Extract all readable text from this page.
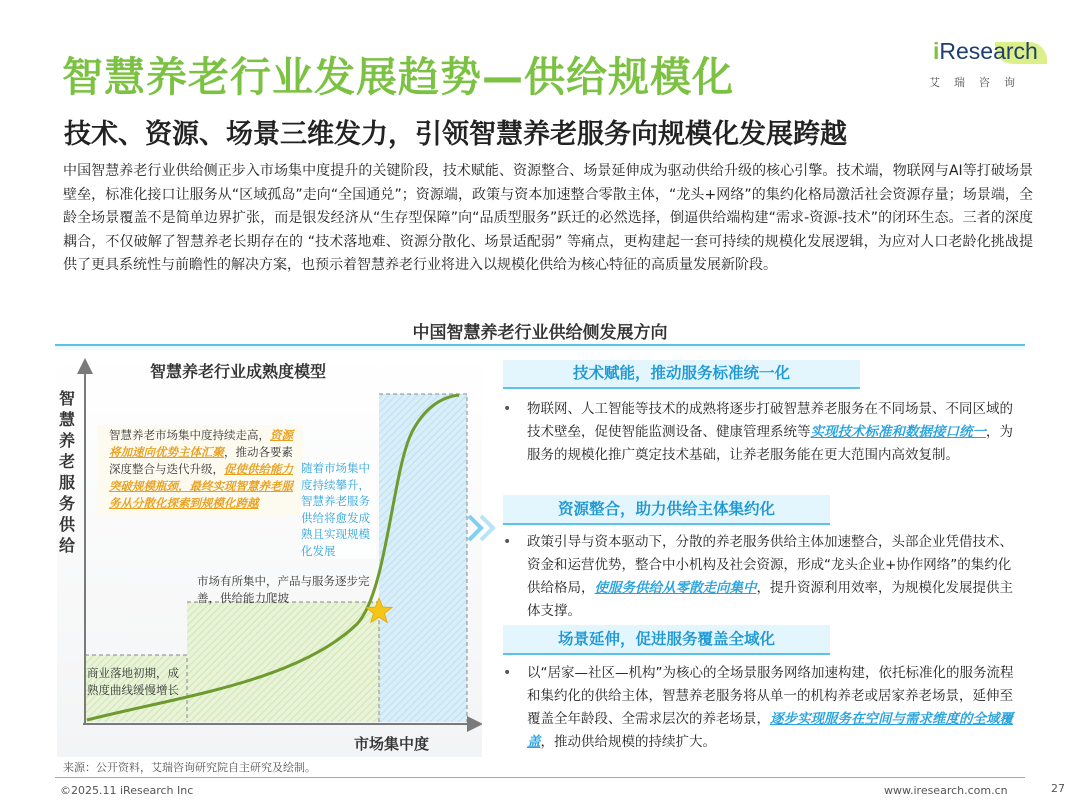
智慧养老行业发展趋势—供给规模化
iResearch
艾瑞咨询
技术、资源、场景三维发力，引领智慧养老服务向规模化发展跨越
中国智慧养老行业供给侧正步入市场集中度提升的关键阶段，技术赋能、资源整合、场景延伸成为驱动供给升级的核心引擎。技术端，物联网与AI等打破场景壁垒，标准化接口让服务从“区域孤岛”走向“全国通兑”；资源端，政策与资本加速整合零散主体，“龙头+网络”的集约化格局激活社会资源存量；场景端，全龄全场景覆盖不是简单边界扩张，而是银发经济从“生存型保障”向“品质型服务”跃迁的必然选择，倒逼供给端构建“需求-资源-技术”的闭环生态。三者的深度耦合，不仅破解了智慧养老长期存在的 “技术落地难、资源分散化、场景适配弱” 等痛点，更构建起一套可持续的规模化发展逻辑，为应对人口老龄化挑战提供了更具系统性与前瞻性的解决方案，也预示着智慧养老行业将进入以规模化供给为核心特征的高质量发展新阶段。
中国智慧养老行业供给侧发展方向
智慧养老行业成熟度模型
智慧养老服务供给
市场集中度
智慧养老市场集中度持续走高，资源将加速向优势主体汇聚，推动各要素深度整合与迭代升级，促使供给能力突破规模瓶颈，最终实现智慧养老服务从分散化探索到规模化跨越
随着市场集中度持续攀升，智慧养老服务供给将愈发成熟且实现规模化发展
市场有所集中，产品与服务逐步完善，供给能力爬坡
商业落地初期，成熟度曲线缓慢增长
技术赋能，推动服务标准统一化
• 物联网、人工智能等技术的成熟将逐步打破智慧养老服务在不同场景、不同区域的技术壁垒，促使智能监测设备、健康管理系统等实现技术标准和数据接口统一，为服务的规模化推广奠定技术基础，让养老服务能在更大范围内高效复制。
资源整合，助力供给主体集约化
• 政策引导与资本驱动下，分散的养老服务供给主体加速整合，头部企业凭借技术、资金和运营优势，整合中小机构及社会资源，形成“龙头企业+协作网络”的集约化供给格局，使服务供给从零散走向集中，提升资源利用效率，为规模化发展提供主体支撑。
场景延伸，促进服务覆盖全域化
• 以“居家—社区—机构”为核心的全场景服务网络加速构建，依托标准化的服务流程和集约化的供给主体，智慧养老服务将从单一的机构养老或居家养老场景，延伸至覆盖全年龄段、全需求层次的养老场景，逐步实现服务在空间与需求维度的全域覆盖，推动供给规模的持续扩大。
来源：公开资料，艾瑞咨询研究院自主研究及绘制。
©2025.11 iResearch Inc	www.iresearch.com.cn	27
